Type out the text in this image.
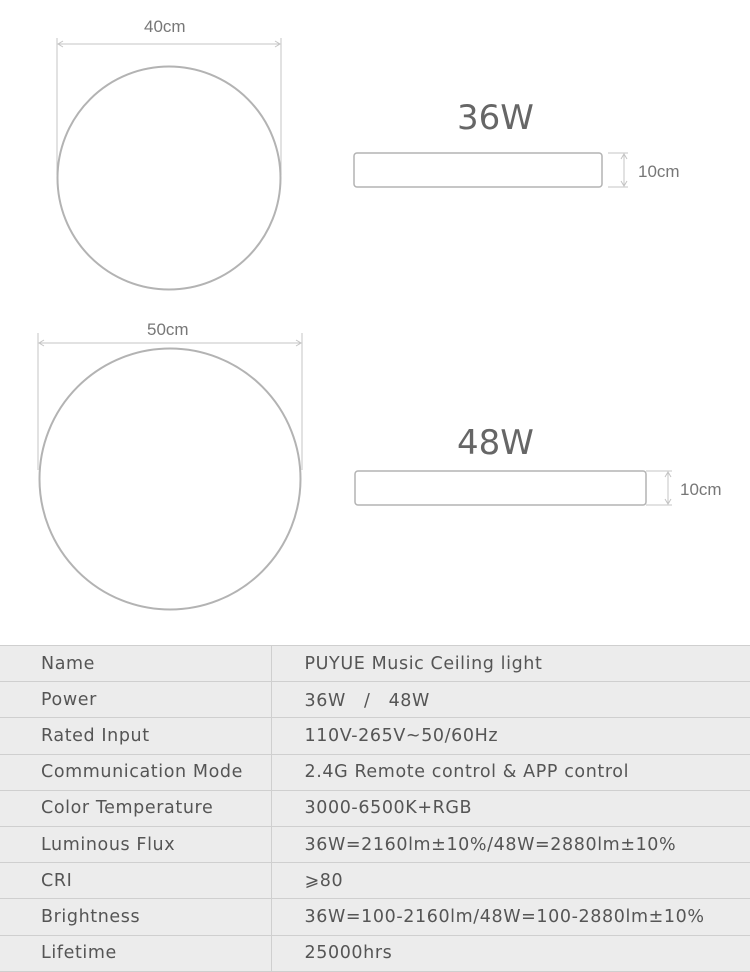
40cm
36W
10cm
50cm
48W
10cm
Name	PUYUE Music Ceiling light
Power	36W　/　48W
Rated Input	110V-265V~50/60Hz
Communication Mode	2.4G Remote control & APP control
Color Temperature	3000-6500K+RGB
Luminous Flux	36W=2160lm±10%/48W=2880lm±10%
CRI	⩾80
Brightness	36W=100-2160lm/48W=100-2880lm±10%
Lifetime	25000hrs
